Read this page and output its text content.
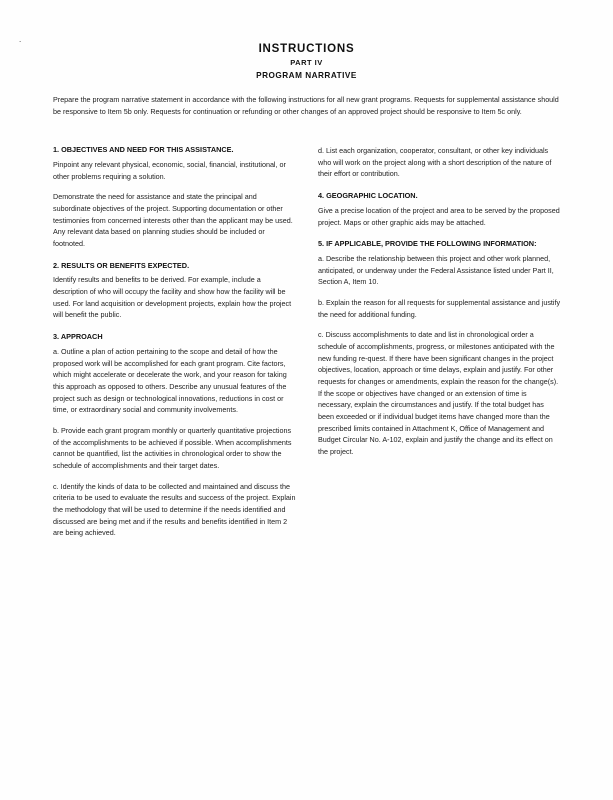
.
INSTRUCTIONS
PART IV
PROGRAM NARRATIVE
Prepare the program narrative statement in accordance with the following instructions for all new grant programs. Requests for supplemental assistance should be responsive to Item 5b only. Requests for continuation or refunding or other changes of an approved project should be responsive to Item 5c only.
1. OBJECTIVES AND NEED FOR THIS ASSISTANCE.

Pinpoint any relevant physical, economic, social, financial, institutional, or other problems requiring a solution.

Demonstrate the need for assistance and state the principal and subordinate objectives of the project. Supporting documentation or other testimonies from concerned interests other than the applicant may be used. Any relevant data based on planning studies should be included or footnoted.

2. RESULTS OR BENEFITS EXPECTED.

Identify results and benefits to be derived. For example, include a description of who will occupy the facility and show how the facility will be used. For land acquisition or development projects, explain how the project will benefit the public.

3. APPROACH

a. Outline a plan of action pertaining to the scope and detail of how the proposed work will be accomplished for each grant program. Cite factors, which might accelerate or decelerate the work, and your reason for taking this approach as opposed to others. Describe any unusual features of the project such as design or technological innovations, reductions in cost or time, or extraordinary social and community involvements.

b. Provide each grant program monthly or quarterly quantitative projections of the accomplishments to be achieved if possible. When accomplishments cannot be quantified, list the activities in chronological order to show the schedule of accomplishments and their target dates.

c. Identify the kinds of data to be collected and maintained and discuss the criteria to be used to evaluate the results and success of the project. Explain the methodology that will be used to determine if the needs identified and discussed are being met and if the results and benefits identified in Item 2 are being achieved.

d. List each organization, cooperator, consultant, or other key individuals who will work on the project along with a short description of the nature of their effort or contribution.

4. GEOGRAPHIC LOCATION.

Give a precise location of the project and area to be served by the proposed project. Maps or other graphic aids may be attached.

5. IF APPLICABLE, PROVIDE THE FOLLOWING INFORMATION:

a. Describe the relationship between this project and other work planned, anticipated, or underway under the Federal Assistance listed under Part II, Section A, Item 10.

b. Explain the reason for all requests for supplemental assistance and justify the need for additional funding.

c. Discuss accomplishments to date and list in chronological order a schedule of accomplishments, progress, or milestones anticipated with the new funding re-quest. If there have been significant changes in the project objectives, location, approach or time delays, explain and justify. For other requests for changes or amendments, explain the reason for the change(s). If the scope or objectives have changed or an extension of time is necessary, explain the circumstances and justify. If the total budget has been exceeded or if individual budget items have changed more than the prescribed limits contained in Attachment K, Office of Management and Budget Circular No. A-102, explain and justify the change and its effect on the project.
